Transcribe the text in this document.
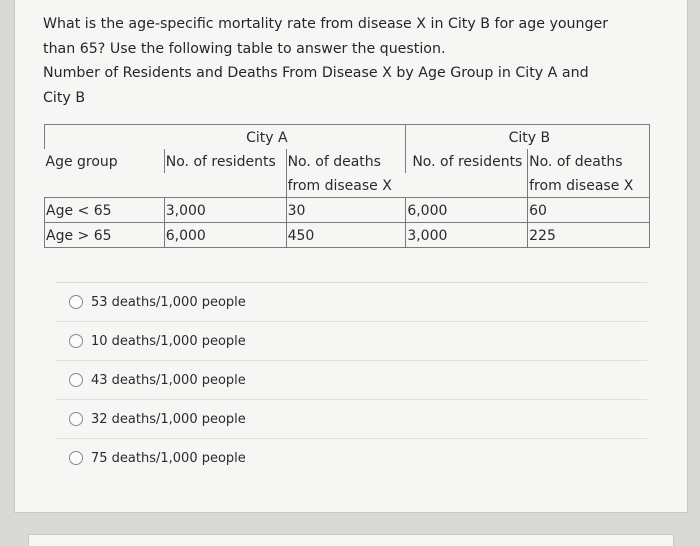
What is the age-specific mortality rate from disease X in City B for age younger

than 65? Use the following table to answer the question.

Number of Residents and Deaths From Disease X by Age Group in City A and

City B

		City A		City B
Age group	No. of residents	No. of deaths	No. of residents	No. of deaths
		from disease X		from disease X
Age < 65	3,000	30	6,000	60
Age > 65	6,000	450	3,000	225
53 deaths/1,000 people
10 deaths/1,000 people
43 deaths/1,000 people
32 deaths/1,000 people
75 deaths/1,000 people
